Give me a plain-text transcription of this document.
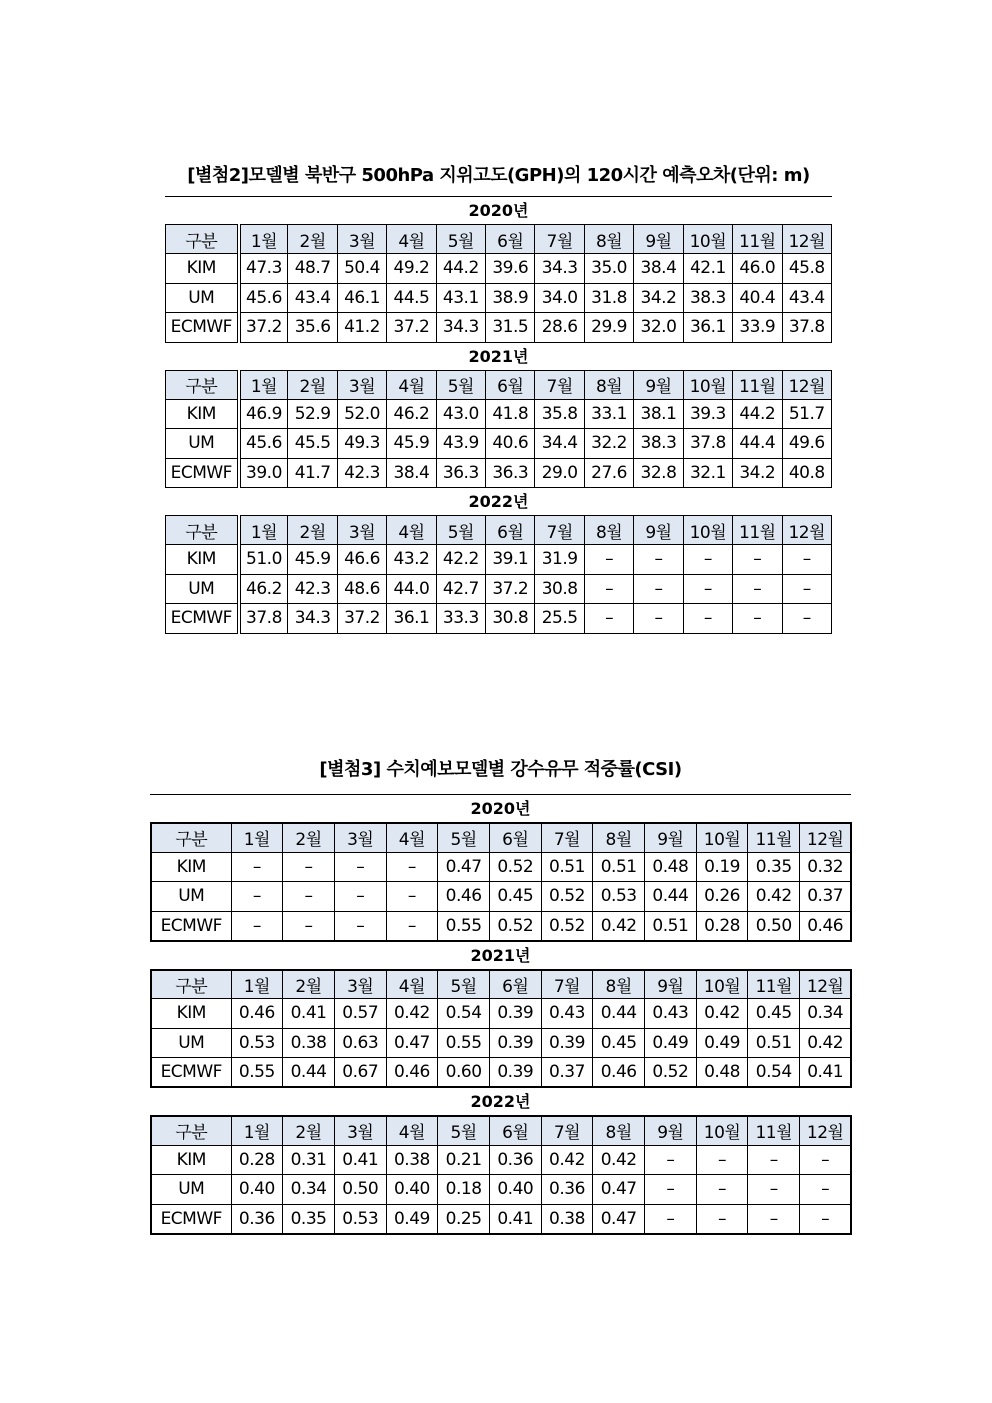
[별첨2]모델별 북반구 500hPa 지위고도(GPH)의 120시간 예측오차(단위: m)
2020년
구분	1월	2월	3월	4월	5월	6월	7월	8월	9월	10월	11월	12월
KIM	47.3	48.7	50.4	49.2	44.2	39.6	34.3	35.0	38.4	42.1	46.0	45.8
UM	45.6	43.4	46.1	44.5	43.1	38.9	34.0	31.8	34.2	38.3	40.4	43.4
ECMWF	37.2	35.6	41.2	37.2	34.3	31.5	28.6	29.9	32.0	36.1	33.9	37.8
2021년
구분	1월	2월	3월	4월	5월	6월	7월	8월	9월	10월	11월	12월
KIM	46.9	52.9	52.0	46.2	43.0	41.8	35.8	33.1	38.1	39.3	44.2	51.7
UM	45.6	45.5	49.3	45.9	43.9	40.6	34.4	32.2	38.3	37.8	44.4	49.6
ECMWF	39.0	41.7	42.3	38.4	36.3	36.3	29.0	27.6	32.8	32.1	34.2	40.8
2022년
구분	1월	2월	3월	4월	5월	6월	7월	8월	9월	10월	11월	12월
KIM	51.0	45.9	46.6	43.2	42.2	39.1	31.9	–	–	–	–	–
UM	46.2	42.3	48.6	44.0	42.7	37.2	30.8	–	–	–	–	–
ECMWF	37.8	34.3	37.2	36.1	33.3	30.8	25.5	–	–	–	–	–
[별첨3] 수치예보모델별 강수유무 적중률(CSI)
2020년
구분	1월	2월	3월	4월	5월	6월	7월	8월	9월	10월	11월	12월
KIM	–	–	–	–	0.47	0.52	0.51	0.51	0.48	0.19	0.35	0.32
UM	–	–	–	–	0.46	0.45	0.52	0.53	0.44	0.26	0.42	0.37
ECMWF	–	–	–	–	0.55	0.52	0.52	0.42	0.51	0.28	0.50	0.46
2021년
구분	1월	2월	3월	4월	5월	6월	7월	8월	9월	10월	11월	12월
KIM	0.46	0.41	0.57	0.42	0.54	0.39	0.43	0.44	0.43	0.42	0.45	0.34
UM	0.53	0.38	0.63	0.47	0.55	0.39	0.39	0.45	0.49	0.49	0.51	0.42
ECMWF	0.55	0.44	0.67	0.46	0.60	0.39	0.37	0.46	0.52	0.48	0.54	0.41
2022년
구분	1월	2월	3월	4월	5월	6월	7월	8월	9월	10월	11월	12월
KIM	0.28	0.31	0.41	0.38	0.21	0.36	0.42	0.42	–	–	–	–
UM	0.40	0.34	0.50	0.40	0.18	0.40	0.36	0.47	–	–	–	–
ECMWF	0.36	0.35	0.53	0.49	0.25	0.41	0.38	0.47	–	–	–	–
